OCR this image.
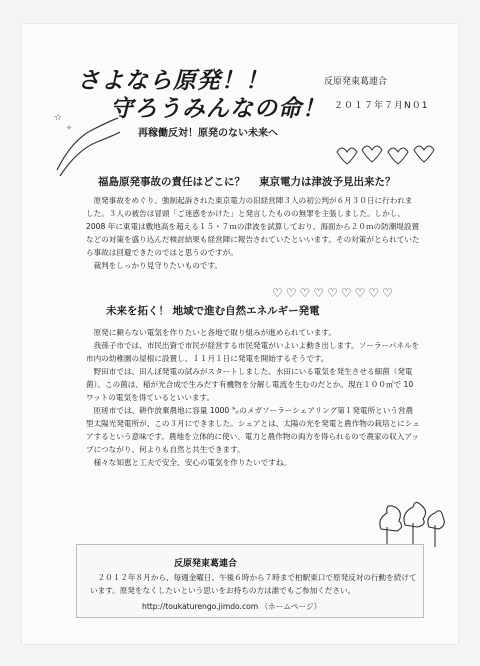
さよなら原発！！
守ろうみんなの命！
反原発東葛連合
２０１７年７月N０1
☆
✧	再稼働反対！原発のない未来へ
福島原発事故の責任はどこに？ 東京電力は津波予見出来た？

原発事故をめぐり、強制起訴された東京電力の旧経営陣３人の初公判が６月３０日に行われました。３人の被告は冒頭「ご迷惑をかけた」と発言したものの無罪を主張しました。しかし、2008 年に東電は敷地高を超える１５・７ｍの津波を試算しており、海面から２０ｍの防潮堤設置などの対策を盛り込んだ検討結果も経営陣に報告されていたといいます。その対策がとられていたら事故は回避できたのではと思うのですが。

裁判をしっかり見守りたいものです。

♡ ♡ ♡ ♡ ♡ ♡ ♡ ♡ ♡
未来を拓く！ 地域で進む自然エネルギー発電

原発に頼らない電気を作りたいと各地で取り組みが進められています。

我孫子市では、市民出資で市民が経営する市民発電がいよいよ動き出します。ソーラーパネルを市内の幼稚園の屋根に設置し、１１月１日に発電を開始するそうです。

野田市では、田んぼ発電の試みがスタートしました。水田にいる電気を発生させる細菌（発電菌）。この菌は、稲が光合成で生みだす有機物を分解し電流を生むのだとか。現在１００㎡で 10ワットの電気を得ているといいます。

匝瑳市では、耕作放棄農地に容量 1000 ㌔のメガソーラーシェアリング第１発電所という営農型太陽光発電所が、この３月にできました。シェアとは、太陽の光を発電と農作物の栽培とにシェアするという意味です。農地を立体的に使い、電力と農作物の両方を得られるので農家の収入アップにつながり、何よりも自然と共生できます。

様々な知恵と工夫で安全、安心の電気を作りたいですね。

反原発東葛連合

２０１２年８月から、毎週金曜日、午後６時から７時まで柏駅東口で原発反対の行動を続けています。原発をなくしたいという思いをお持ちの方は誰でもご参加ください。

http://toukaturengo.jimdo.com （ホームページ）
